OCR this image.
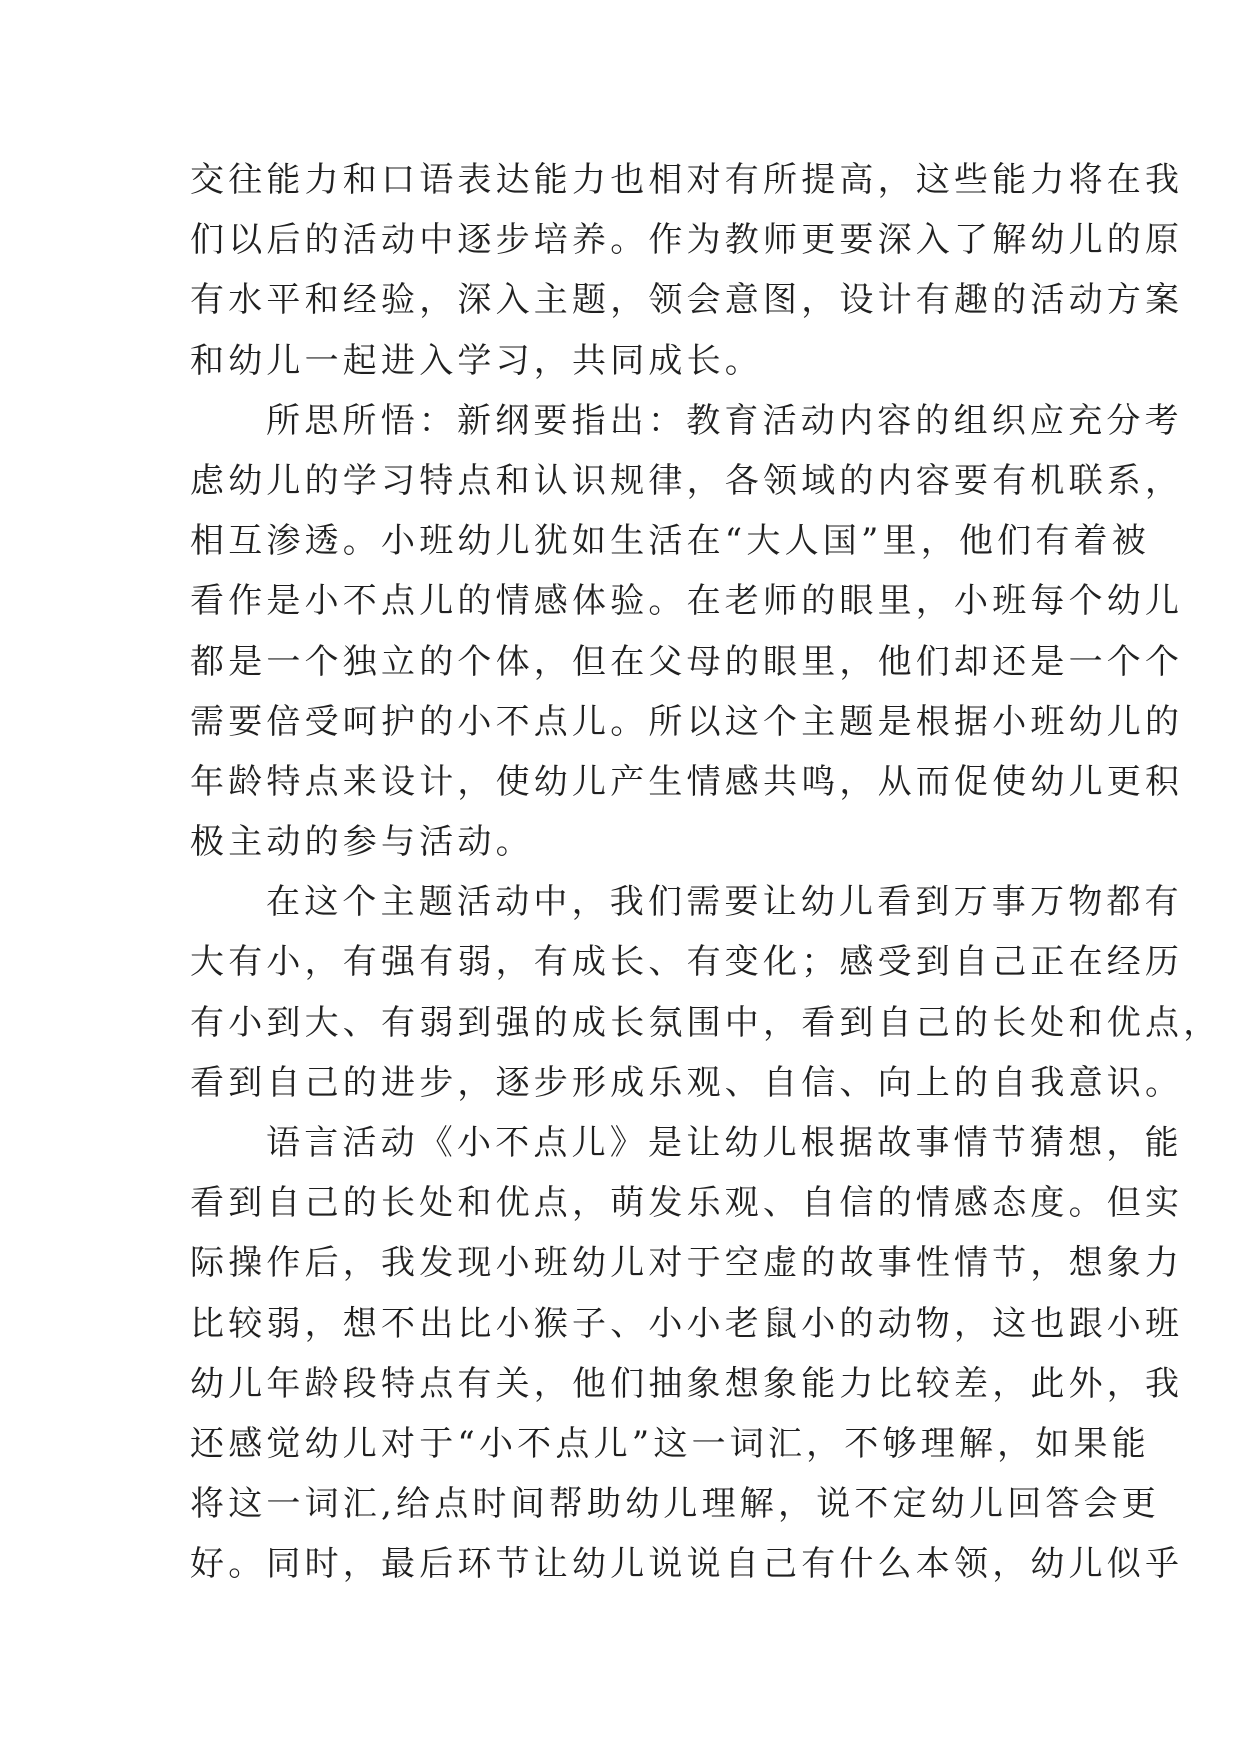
交往能力和口语表达能力也相对有所提高，这些能力将在我
们以后的活动中逐步培养。作为教师更要深入了解幼儿的原
有水平和经验，深入主题，领会意图，设计有趣的活动方案
和幼儿一起进入学习，共同成长。
所思所悟：新纲要指出：教育活动内容的组织应充分考
虑幼儿的学习特点和认识规律，各领域的内容要有机联系，
相互渗透。小班幼儿犹如生活在“大人国”里，他们有着被
看作是小不点儿的情感体验。在老师的眼里，小班每个幼儿
都是一个独立的个体，但在父母的眼里，他们却还是一个个
需要倍受呵护的小不点儿。所以这个主题是根据小班幼儿的
年龄特点来设计，使幼儿产生情感共鸣，从而促使幼儿更积
极主动的参与活动。
在这个主题活动中，我们需要让幼儿看到万事万物都有
大有小，有强有弱，有成长、有变化；感受到自己正在经历
有小到大、有弱到强的成长氛围中，看到自己的长处和优点，
看到自己的进步，逐步形成乐观、自信、向上的自我意识。
语言活动《小不点儿》是让幼儿根据故事情节猜想，能
看到自己的长处和优点，萌发乐观、自信的情感态度。但实
际操作后，我发现小班幼儿对于空虚的故事性情节，想象力
比较弱，想不出比小猴子、小小老鼠小的动物，这也跟小班
幼儿年龄段特点有关，他们抽象想象能力比较差，此外，我
还感觉幼儿对于“小不点儿”这一词汇，不够理解，如果能
将这一词汇,给点时间帮助幼儿理解，说不定幼儿回答会更
好。同时，最后环节让幼儿说说自己有什么本领，幼儿似乎
